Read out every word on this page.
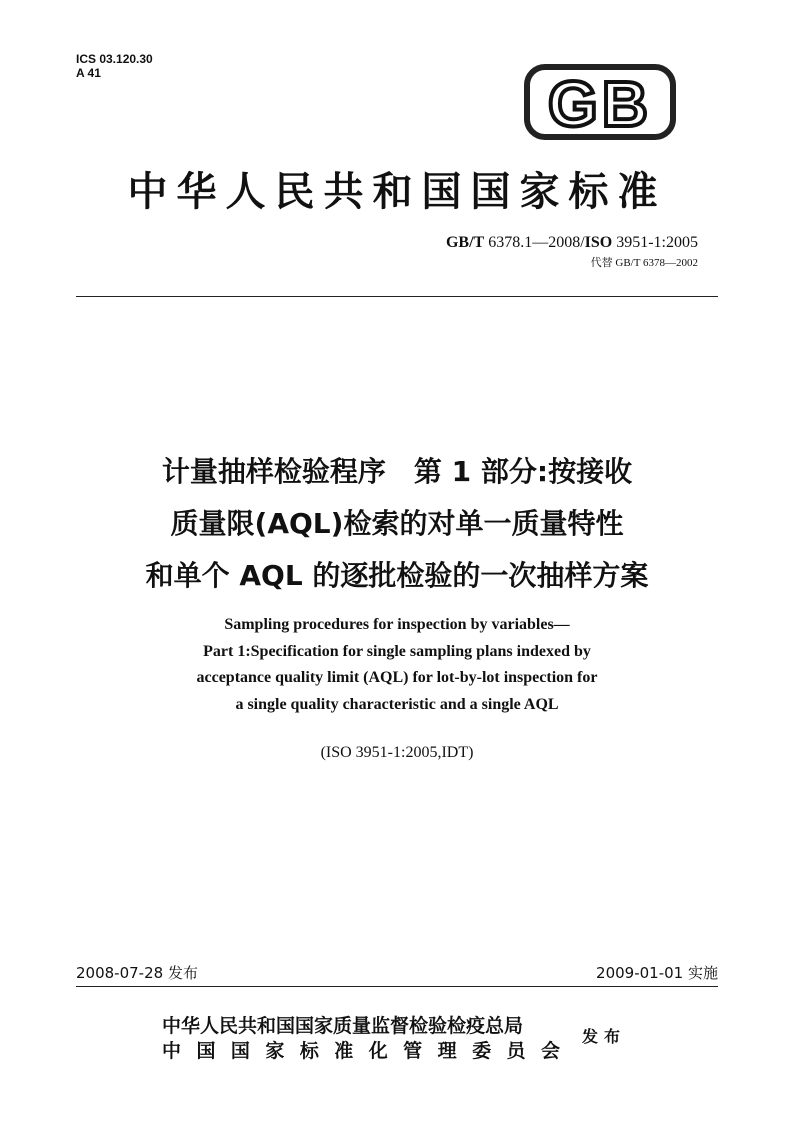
ICS 03.120.30
A 41	GB
中华人民共和国国家标准
GB/T 6378.1—2008/ISO 3951-1:2005
代替 GB/T 6378—2002
计量抽样检验程序　第 1 部分:按接收
质量限(AQL)检索的对单一质量特性
和单个 AQL 的逐批检验的一次抽样方案
Sampling procedures for inspection by variables—
Part 1:Specification for single sampling plans indexed by
acceptance quality limit (AQL) for lot-by-lot inspection for
a single quality characteristic and a single AQL
(ISO 3951-1:2005,IDT)
2008-07-28 发布	2009-01-01 实施
中华人民共和国国家质量监督检验检疫总局
中国国家标准化管理委员会
发布
